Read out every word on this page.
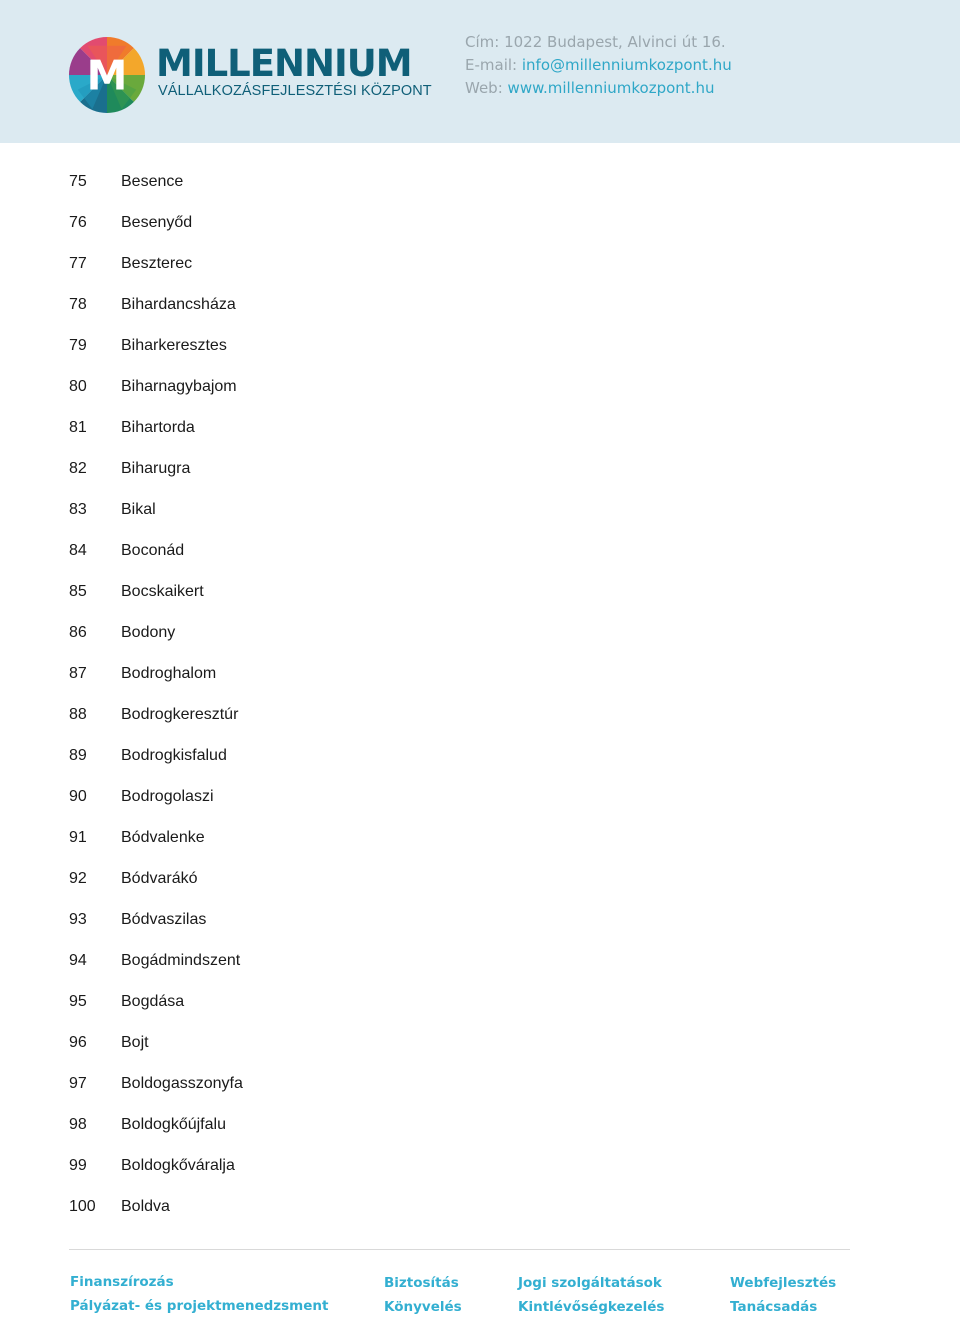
M MILLENNIUM
VÁLLALKOZÁSFEJLESZTÉSI KÖZPONT
Cím: 1022 Budapest, Alvinci út 16.
E-mail: info@millenniumkozpont.hu
Web: www.millenniumkozpont.hu
75 Besence
76 Besenyőd
77 Beszterec
78 Bihardancsháza
79 Biharkeresztes
80 Biharnagybajom
81 Bihartorda
82 Biharugra
83 Bikal
84 Boconád
85 Bocskaikert
86 Bodony
87 Bodroghalom
88 Bodrogkeresztúr
89 Bodrogkisfalud
90 Bodrogolaszi
91 Bódvalenke
92 Bódvarákó
93 Bódvaszilas
94 Bogádmindszent
95 Bogdása
96 Bojt
97 Boldogasszonyfa
98 Boldogkőújfalu
99 Boldogkőváralja
100 Boldva
Finanszírozás
Pályázat- és projektmenedzsment
Biztosítás
Könyvelés
Jogi szolgáltatások
Kintlévőségkezelés
Webfejlesztés
Tanácsadás
